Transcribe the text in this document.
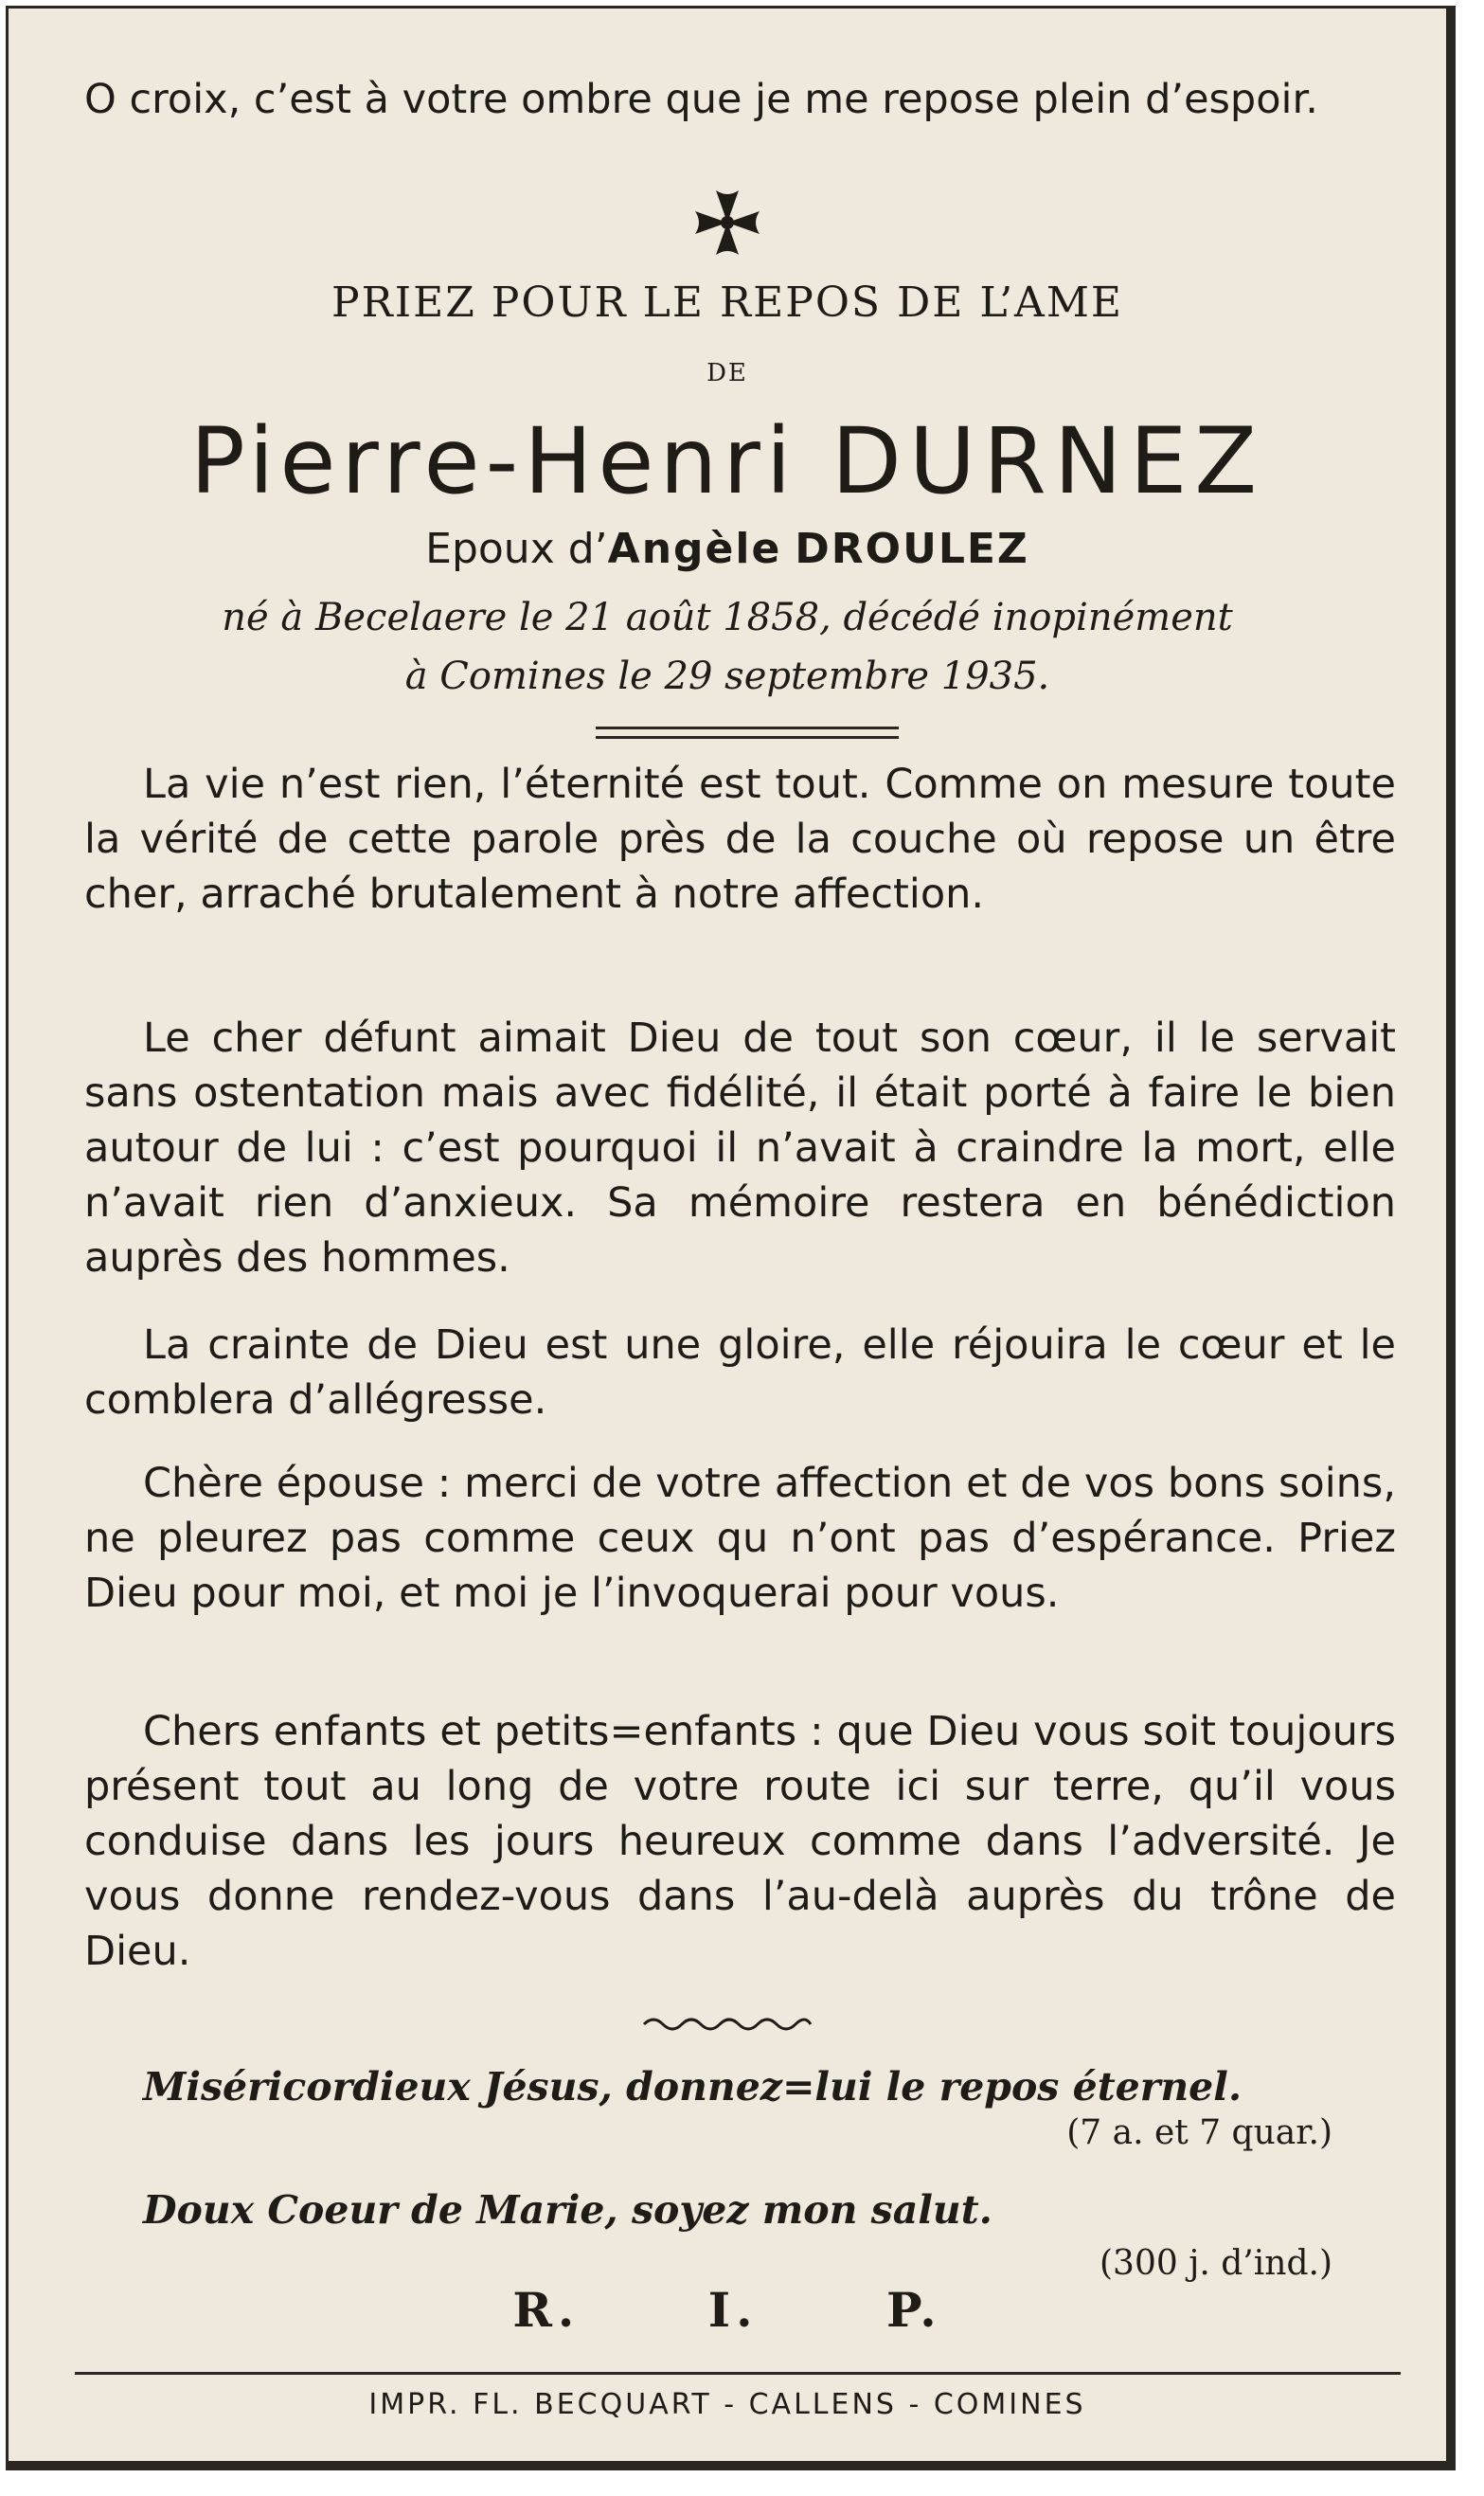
O croix, c’est à votre ombre que je me repose plein d’espoir.
PRIEZ POUR LE REPOS DE L’AME
DE
Pierre-Henri DURNEZ
Epoux d’Angèle DROULEZ
né à Becelaere le 21 août 1858, décédé inopinément
à Comines le 29 septembre 1935.

La vie n’est rien, l’éternité est tout. Comme on mesure toute la vérité de cette parole près de la couche où repose un être cher, arraché brutalement à notre affection.

Le cher défunt aimait Dieu de tout son cœur, il le servait sans ostentation mais avec fidélité, il était porté à faire le bien autour de lui : c’est pourquoi il n’avait à craindre la mort, elle n’avait rien d’anxieux. Sa mémoire restera en bénédiction auprès des hommes.

La crainte de Dieu est une gloire, elle réjouira le cœur et le comblera d’allégresse.

Chère épouse : merci de votre affection et de vos bons soins, ne pleurez pas comme ceux qu n’ont pas d’espérance. Priez Dieu pour moi, et moi je l’invoquerai pour vous.

Chers enfants et petits=enfants : que Dieu vous soit toujours présent tout au long de votre route ici sur terre, qu’il vous conduise dans les jours heureux comme dans l’adversité. Je vous donne rendez-vous dans l’au-delà auprès du trône de Dieu.

Miséricordieux Jésus, donnez=lui le repos éternel.
(7 a. et 7 quar.)
Doux Coeur de Marie, soyez mon salut.
(300 j. d’ind.)
R.	I.	P.
IMPR. FL. BECQUART - CALLENS - COMINES
